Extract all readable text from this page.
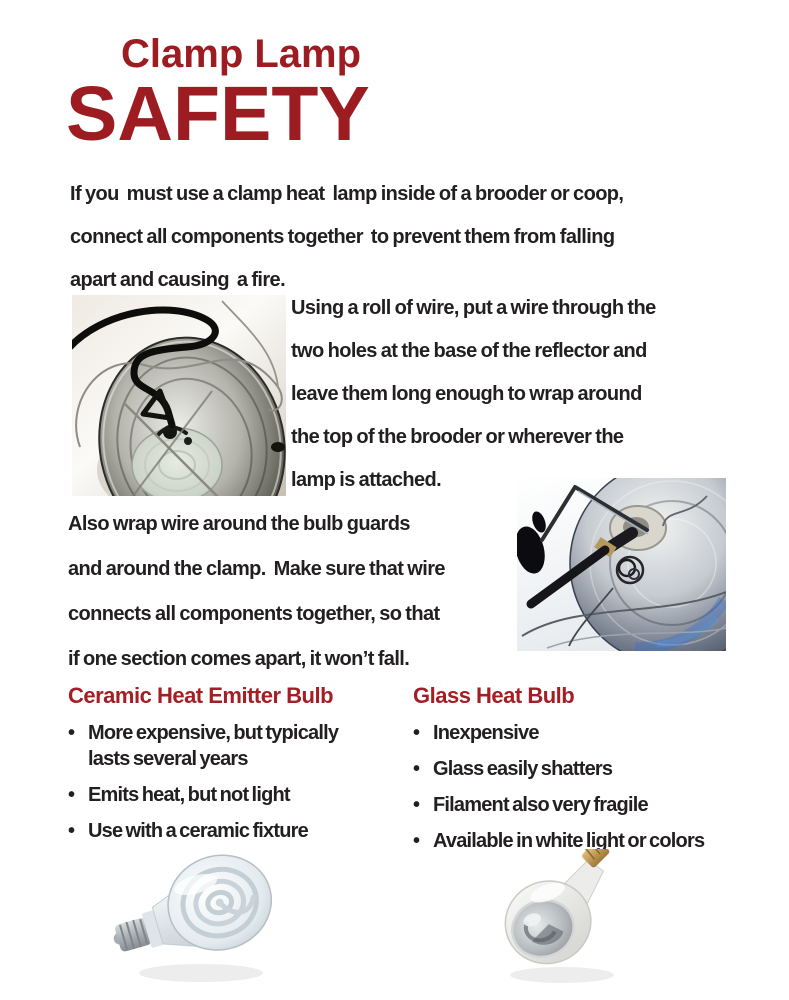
Clamp Lamp
SAFETY
If you  must use a clamp heat  lamp inside of a brooder or coop,
connect all components together  to prevent them from falling
apart and causing  a fire.
Using a roll of wire, put a wire through the
two holes at the base of the reflector and
leave them long enough to wrap around
the top of the brooder or wherever the
lamp is attached.
Also wrap wire around the bulb guards
and around the clamp.  Make sure that wire
connects all components together, so that
if one section comes apart, it won’t fall.
Ceramic Heat Emitter Bulb
• More expensive, but typically
lasts several years
• Emits heat, but not light
• Use with a ceramic fixture
Glass Heat Bulb
• Inexpensive
• Glass easily shatters
• Filament also very fragile
• Available in white light or colors
